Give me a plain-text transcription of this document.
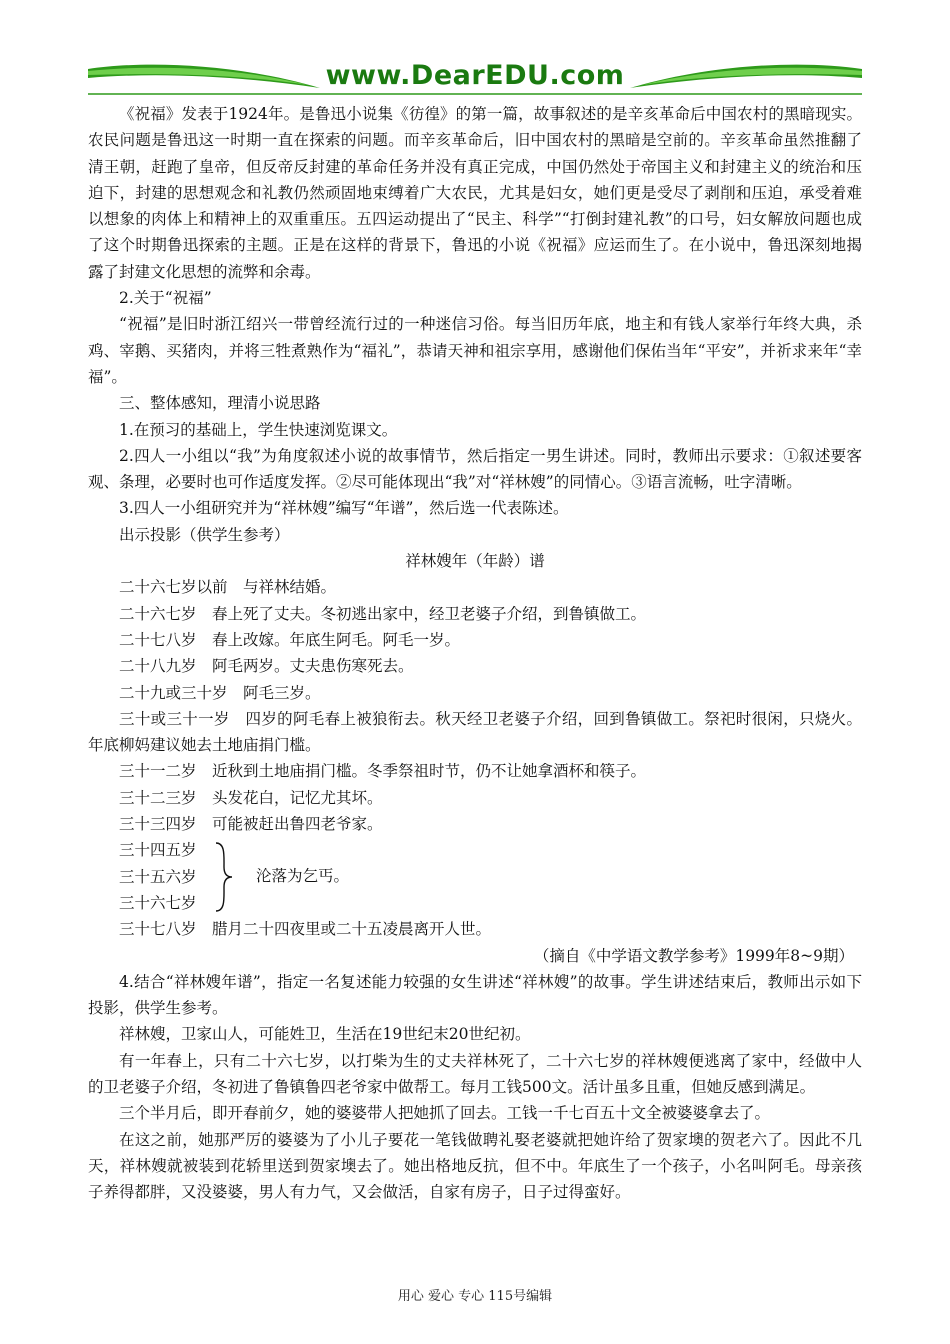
www.DearEDU.com

《祝福》发表于1924年。是鲁迅小说集《彷徨》的第一篇，故事叙述的是辛亥革命后中国农村的黑暗现实。农民问题是鲁迅这一时期一直在探索的问题。而辛亥革命后，旧中国农村的黑暗是空前的。辛亥革命虽然推翻了清王朝，赶跑了皇帝，但反帝反封建的革命任务并没有真正完成，中国仍然处于帝国主义和封建主义的统治和压迫下，封建的思想观念和礼教仍然顽固地束缚着广大农民，尤其是妇女，她们更是受尽了剥削和压迫，承受着难以想象的肉体上和精神上的双重重压。五四运动提出了“民主、科学”“打倒封建礼教”的口号，妇女解放问题也成了这个时期鲁迅探索的主题。正是在这样的背景下，鲁迅的小说《祝福》应运而生了。在小说中，鲁迅深刻地揭露了封建文化思想的流弊和余毒。

2.关于“祝福”

“祝福”是旧时浙江绍兴一带曾经流行过的一种迷信习俗。每当旧历年底，地主和有钱人家举行年终大典，杀鸡、宰鹅、买猪肉，并将三牲煮熟作为“福礼”，恭请天神和祖宗享用，感谢他们保佑当年“平安”，并祈求来年“幸福”。

三、整体感知，理清小说思路

1.在预习的基础上，学生快速浏览课文。

2.四人一小组以“我”为角度叙述小说的故事情节，然后指定一男生讲述。同时，教师出示要求：①叙述要客观、条理，必要时也可作适度发挥。②尽可能体现出“我”对“祥林嫂”的同情心。③语言流畅，吐字清晰。

3.四人一小组研究并为“祥林嫂”编写“年谱”，然后选一代表陈述。

出示投影（供学生参考）

祥林嫂年（年龄）谱

二十六七岁以前　与祥林结婚。

二十六七岁　春上死了丈夫。冬初逃出家中，经卫老婆子介绍，到鲁镇做工。

二十七八岁　春上改嫁。年底生阿毛。阿毛一岁。

二十八九岁　阿毛两岁。丈夫患伤寒死去。

二十九或三十岁　阿毛三岁。

三十或三十一岁　四岁的阿毛春上被狼衔去。秋天经卫老婆子介绍，回到鲁镇做工。祭祀时很闲，只烧火。年底柳妈建议她去土地庙捐门槛。

三十一二岁　近秋到土地庙捐门槛。冬季祭祖时节，仍不让她拿酒杯和筷子。

三十二三岁　头发花白，记忆尤其坏。

三十三四岁　可能被赶出鲁四老爷家。

三十四五岁
三十五六岁
三十六七岁
沦落为乞丐。

三十七八岁　腊月二十四夜里或二十五凌晨离开人世。

（摘自《中学语文教学参考》1999年8~9期）

4.结合“祥林嫂年谱”，指定一名复述能力较强的女生讲述“祥林嫂”的故事。学生讲述结束后，教师出示如下投影，供学生参考。

祥林嫂，卫家山人，可能姓卫，生活在19世纪末20世纪初。

有一年春上，只有二十六七岁，以打柴为生的丈夫祥林死了，二十六七岁的祥林嫂便逃离了家中，经做中人的卫老婆子介绍，冬初进了鲁镇鲁四老爷家中做帮工。每月工钱500文。活计虽多且重，但她反感到满足。

三个半月后，即开春前夕，她的婆婆带人把她抓了回去。工钱一千七百五十文全被婆婆拿去了。

在这之前，她那严厉的婆婆为了小儿子要花一笔钱做聘礼娶老婆就把她许给了贺家墺的贺老六了。因此不几天，祥林嫂就被装到花轿里送到贺家墺去了。她出格地反抗，但不中。年底生了一个孩子，小名叫阿毛。母亲孩子养得都胖，又没婆婆，男人有力气，又会做活，自家有房子，日子过得蛮好。

用心 爱心 专心 115号编辑
